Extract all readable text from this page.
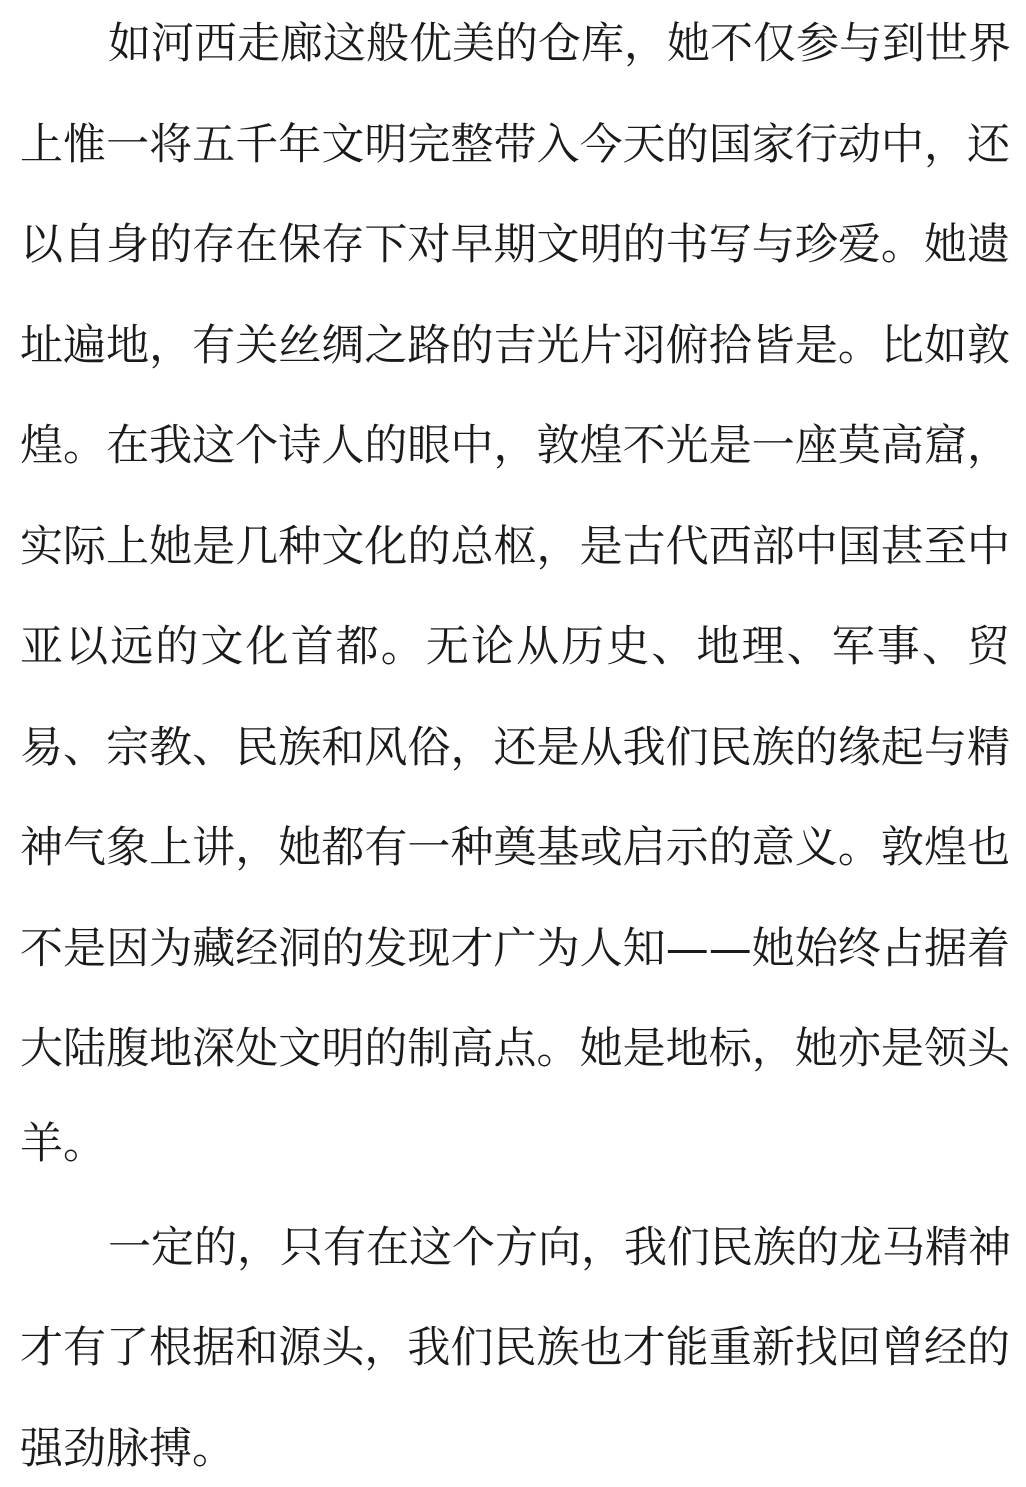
如河西走廊这般优美的仓库，她不仅参与到世界
上惟一将五千年文明完整带入今天的国家行动中，还
以自身的存在保存下对早期文明的书写与珍爱。她遗
址遍地，有关丝绸之路的吉光片羽俯拾皆是。比如敦
煌。在我这个诗人的眼中，敦煌不光是一座莫高窟，
实际上她是几种文化的总枢，是古代西部中国甚至中
亚以远的文化首都。无论从历史、地理、军事、贸
易、宗教、民族和风俗，还是从我们民族的缘起与精
神气象上讲，她都有一种奠基或启示的意义。敦煌也
不是因为藏经洞的发现才广为人知——她始终占据着
大陆腹地深处文明的制高点。她是地标，她亦是领头
羊。
一定的，只有在这个方向，我们民族的龙马精神
才有了根据和源头，我们民族也才能重新找回曾经的
强劲脉搏。
